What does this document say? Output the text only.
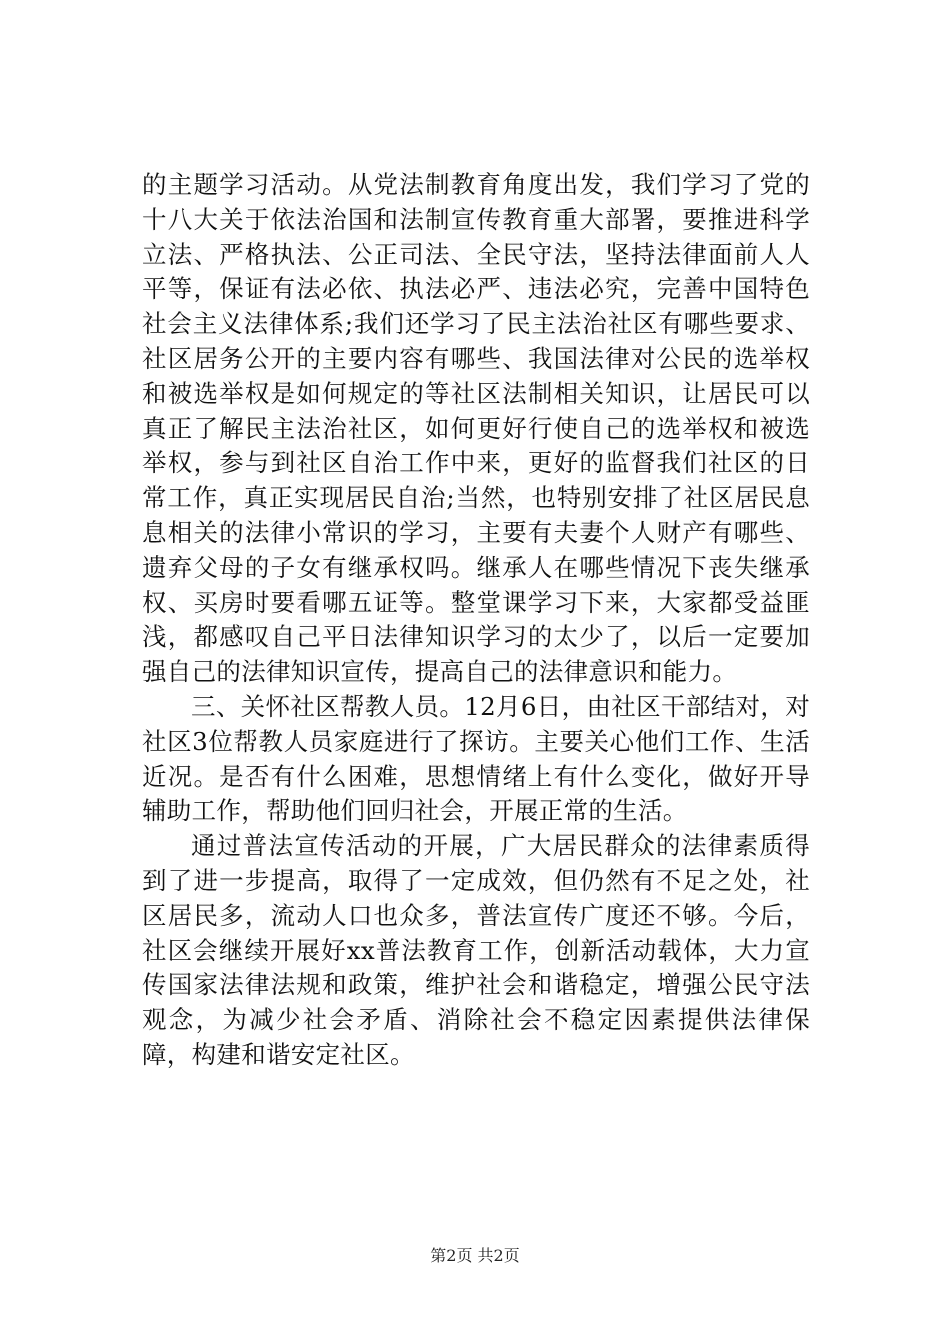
的主题学习活动。从党法制教育角度出发，我们学习了党的十八大关于依法治国和法制宣传教育重大部署，要推进科学立法、严格执法、公正司法、全民守法，坚持法律面前人人平等，保证有法必依、执法必严、违法必究，完善中国特色社会主义法律体系;我们还学习了民主法治社区有哪些要求、社区居务公开的主要内容有哪些、我国法律对公民的选举权和被选举权是如何规定的等社区法制相关知识，让居民可以真正了解民主法治社区，如何更好行使自己的选举权和被选举权，参与到社区自治工作中来，更好的监督我们社区的日常工作，真正实现居民自治;当然，也特别安排了社区居民息息相关的法律小常识的学习，主要有夫妻个人财产有哪些、遗弃父母的子女有继承权吗。继承人在哪些情况下丧失继承权、买房时要看哪五证等。整堂课学习下来，大家都受益匪浅，都感叹自己平日法律知识学习的太少了，以后一定要加强自己的法律知识宣传，提高自己的法律意识和能力。

三、关怀社区帮教人员。12月6日，由社区干部结对，对社区3位帮教人员家庭进行了探访。主要关心他们工作、生活近况。是否有什么困难，思想情绪上有什么变化，做好开导辅助工作，帮助他们回归社会，开展正常的生活。

通过普法宣传活动的开展，广大居民群众的法律素质得到了进一步提高，取得了一定成效，但仍然有不足之处，社区居民多，流动人口也众多，普法宣传广度还不够。今后，社区会继续开展好xx普法教育工作，创新活动载体，大力宣传国家法律法规和政策，维护社会和谐稳定，增强公民守法观念，为减少社会矛盾、消除社会不稳定因素提供法律保障，构建和谐安定社区。

第2页 共2页
